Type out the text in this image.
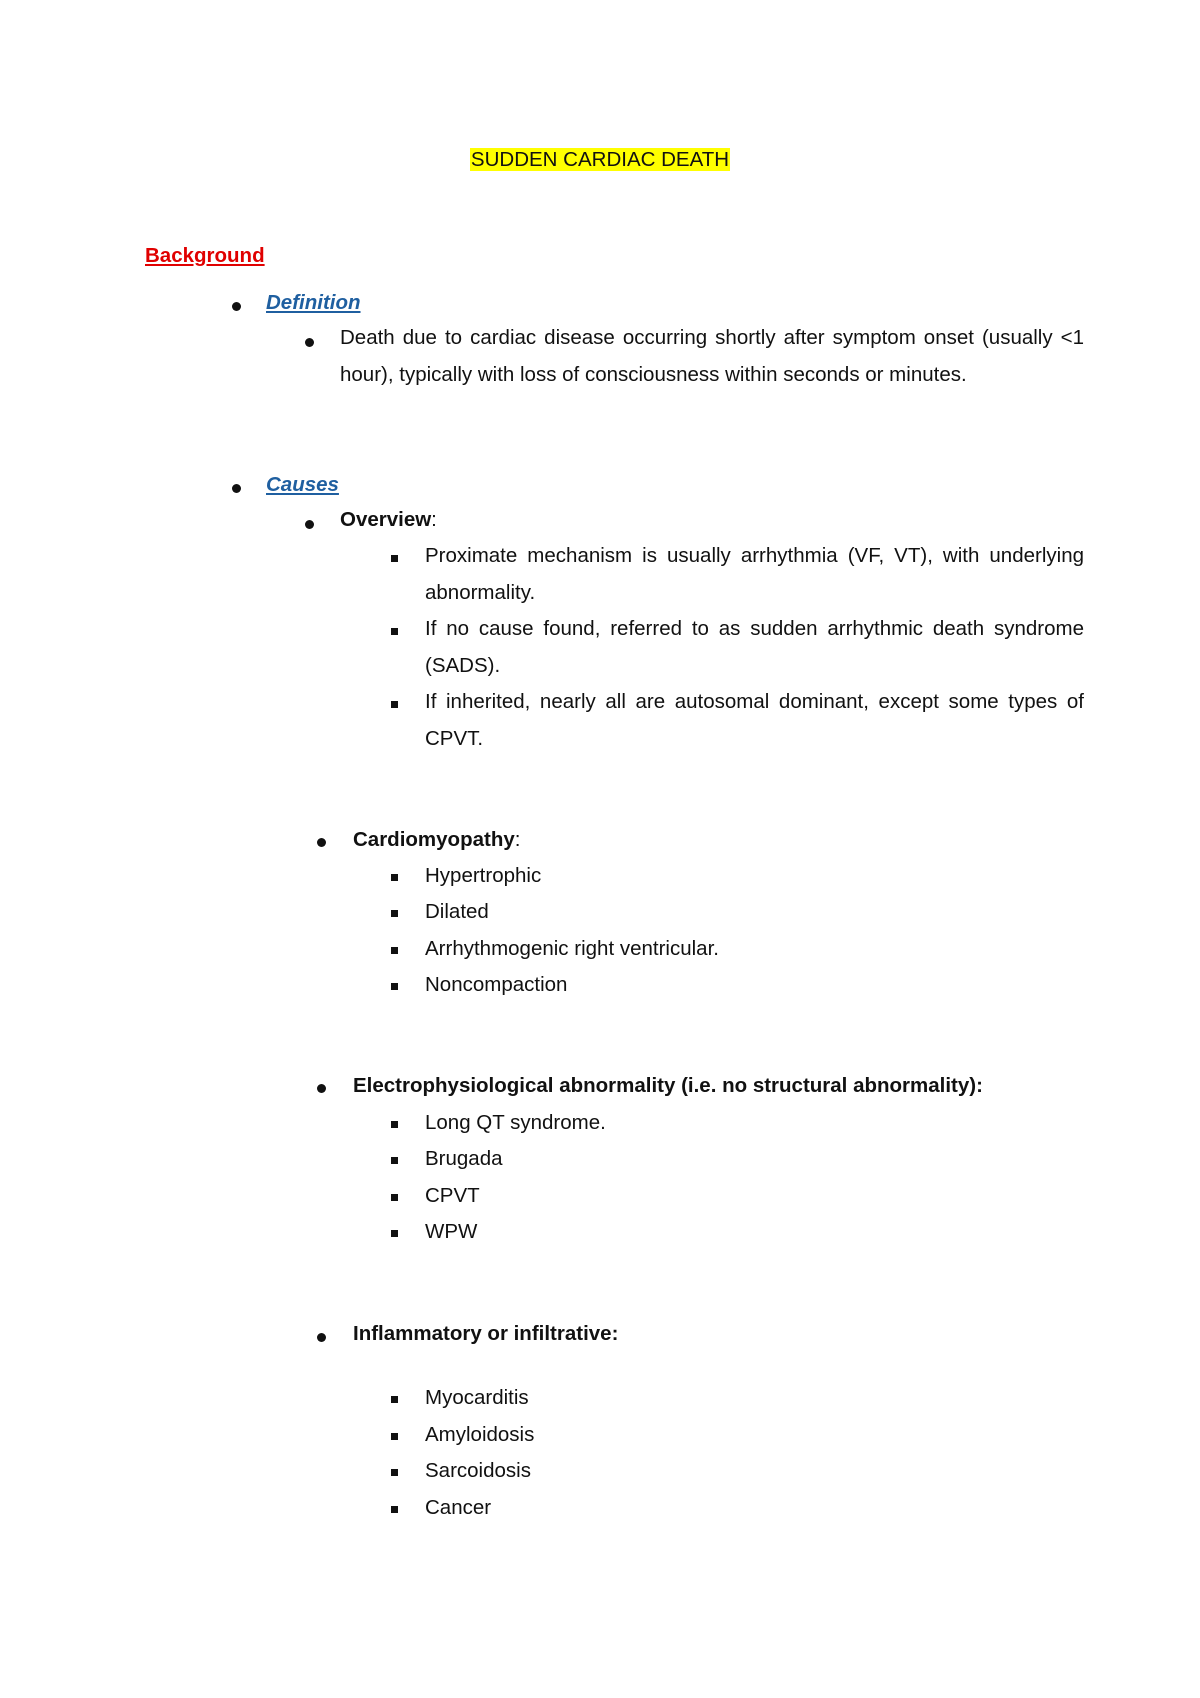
SUDDEN CARDIAC DEATH
Background
Definition
Death due to cardiac disease occurring shortly after symptom onset (usually <1 hour), typically with loss of consciousness within seconds or minutes.
Causes
Overview:
Proximate mechanism is usually arrhythmia (VF, VT), with underlying abnormality.
If no cause found, referred to as sudden arrhythmic death syndrome (SADS).
If inherited, nearly all are autosomal dominant, except some types of CPVT.
Cardiomyopathy:
Hypertrophic
Dilated
Arrhythmogenic right ventricular.
Noncompaction
Electrophysiological abnormality (i.e. no structural abnormality):
Long QT syndrome.
Brugada
CPVT
WPW
Inflammatory or infiltrative:
Myocarditis
Amyloidosis
Sarcoidosis
Cancer
